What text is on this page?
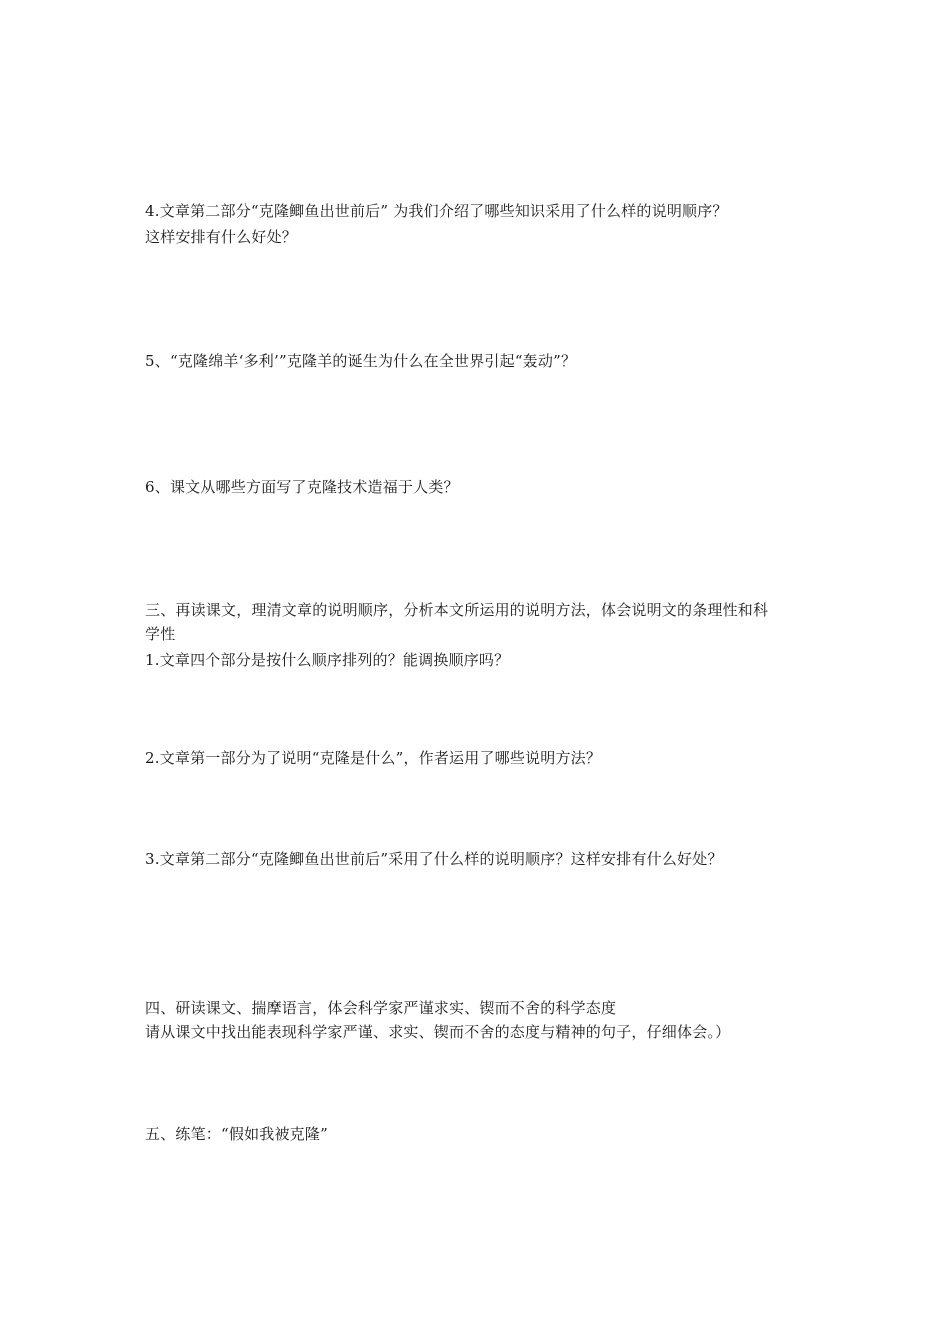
4.文章第二部分“克隆鲫鱼出世前后” 为我们介绍了哪些知识采用了什么样的说明顺序？
这样安排有什么好处？
5、“克隆绵羊‘多利’”克隆羊的诞生为什么在全世界引起“轰动”？
6、课文从哪些方面写了克隆技术造福于人类？
三、再读课文，理清文章的说明顺序，分析本文所运用的说明方法，体会说明文的条理性和科
学性
1.文章四个部分是按什么顺序排列的？能调换顺序吗？
2.文章第一部分为了说明“克隆是什么”，作者运用了哪些说明方法？
3.文章第二部分“克隆鲫鱼出世前后”采用了什么样的说明顺序？这样安排有什么好处？
四、研读课文、揣摩语言，体会科学家严谨求实、锲而不舍的科学态度
请从课文中找出能表现科学家严谨、求实、锲而不舍的态度与精神的句子，仔细体会。）
五、练笔：“假如我被克隆”
